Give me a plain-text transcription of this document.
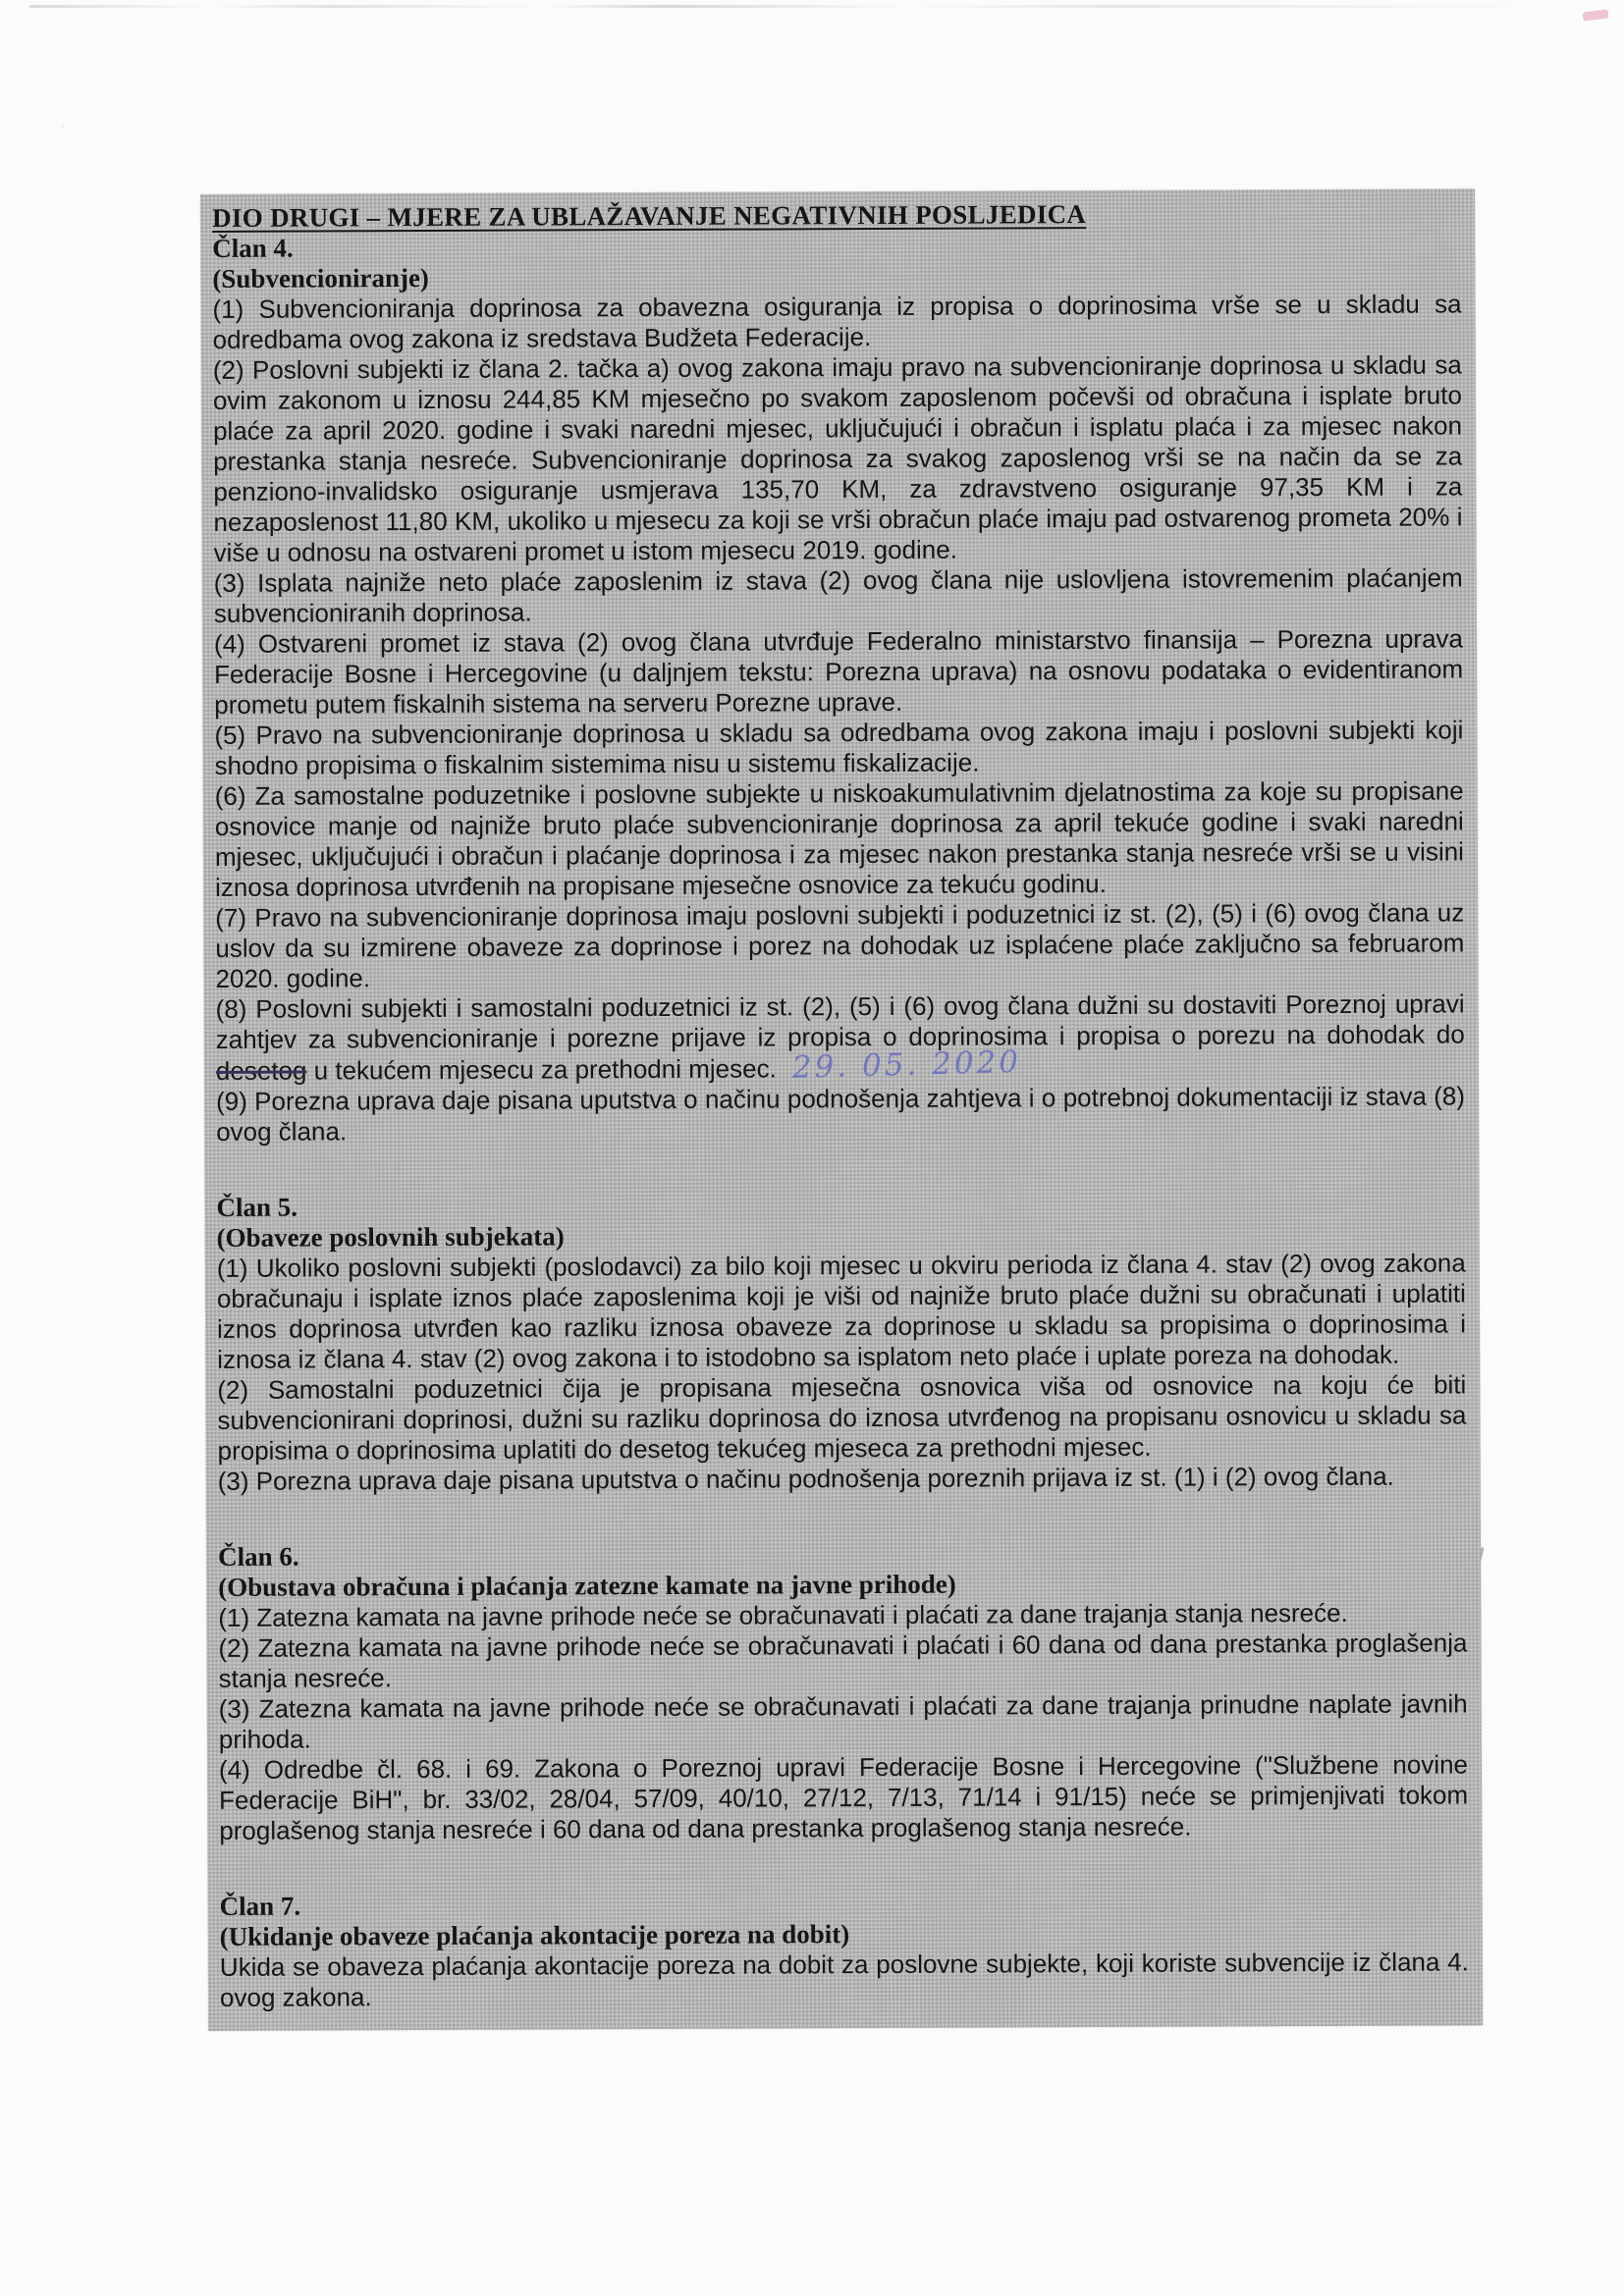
·

DIO DRUGI – MJERE ZA UBLAŽAVANJE NEGATIVNIH POSLJEDICA

Član 4.

(Subvencioniranje)

(1) Subvencioniranja doprinosa za obavezna osiguranja iz propisa o doprinosima vrše se u skladu sa odredbama ovog zakona iz sredstava Budžeta Federacije.

(2) Poslovni subjekti iz člana 2. tačka a) ovog zakona imaju pravo na subvencioniranje doprinosa u skladu sa ovim zakonom u iznosu 244,85 KM mjesečno po svakom zaposlenom počevši od obračuna i isplate bruto plaće za april 2020. godine i svaki naredni mjesec, uključujući i obračun i isplatu plaća i za mjesec nakon prestanka stanja nesreće. Subvencioniranje doprinosa za svakog zaposlenog vrši se na način da se za penziono-invalidsko osiguranje usmjerava 135,70 KM, za zdravstveno osiguranje 97,35 KM i za nezaposlenost 11,80 KM, ukoliko u mjesecu za koji se vrši obračun plaće imaju pad ostvarenog prometa 20% i više u odnosu na ostvareni promet u istom mjesecu 2019. godine.

(3) Isplata najniže neto plaće zaposlenim iz stava (2) ovog člana nije uslovljena istovremenim plaćanjem subvencioniranih doprinosa.

(4) Ostvareni promet iz stava (2) ovog člana utvrđuje Federalno ministarstvo finansija – Porezna uprava Federacije Bosne i Hercegovine (u daljnjem tekstu: Porezna uprava) na osnovu podataka o evidentiranom prometu putem fiskalnih sistema na serveru Porezne uprave.

(5) Pravo na subvencioniranje doprinosa u skladu sa odredbama ovog zakona imaju i poslovni subjekti koji shodno propisima o fiskalnim sistemima nisu u sistemu fiskalizacije.

(6) Za samostalne poduzetnike i poslovne subjekte u niskoakumulativnim djelatnostima za koje su propisane osnovice manje od najniže bruto plaće subvencioniranje doprinosa za april tekuće godine i svaki naredni mjesec, uključujući i obračun i plaćanje doprinosa i za mjesec nakon prestanka stanja nesreće vrši se u visini iznosa doprinosa utvrđenih na propisane mjesečne osnovice za tekuću godinu.

(7) Pravo na subvencioniranje doprinosa imaju poslovni subjekti i poduzetnici iz st. (2), (5) i (6) ovog člana uz uslov da su izmirene obaveze za doprinose i porez na dohodak uz isplaćene plaće zaključno sa februarom 2020. godine.

(8) Poslovni subjekti i samostalni poduzetnici iz st. (2), (5) i (6) ovog člana dužni su dostaviti Poreznoj upravi zahtjev za subvencioniranje i porezne prijave iz propisa o doprinosima i propisa o porezu na dohodak do desetog u tekućem mjesecu za prethodni mjesec. 29. 05. 2020

(9) Porezna uprava daje pisana uputstva o načinu podnošenja zahtjeva i o potrebnoj dokumentaciji iz stava (8) ovog člana.

Član 5.

(Obaveze poslovnih subjekata)

(1) Ukoliko poslovni subjekti (poslodavci) za bilo koji mjesec u okviru perioda iz člana 4. stav (2) ovog zakona obračunaju i isplate iznos plaće zaposlenima koji je viši od najniže bruto plaće dužni su obračunati i uplatiti iznos doprinosa utvrđen kao razliku iznosa obaveze za doprinose u skladu sa propisima o doprinosima i iznosa iz člana 4. stav (2) ovog zakona i to istodobno sa isplatom neto plaće i uplate poreza na dohodak.

(2) Samostalni poduzetnici čija je propisana mjesečna osnovica viša od osnovice na koju će biti subvencionirani doprinosi, dužni su razliku doprinosa do iznosa utvrđenog na propisanu osnovicu u skladu sa propisima o doprinosima uplatiti do desetog tekućeg mjeseca za prethodni mjesec.

(3) Porezna uprava daje pisana uputstva o načinu podnošenja poreznih prijava iz st. (1) i (2) ovog člana.

Član 6.

(Obustava obračuna i plaćanja zatezne kamate na javne prihode)

(1) Zatezna kamata na javne prihode neće se obračunavati i plaćati za dane trajanja stanja nesreće.

(2) Zatezna kamata na javne prihode neće se obračunavati i plaćati i 60 dana od dana prestanka proglašenja stanja nesreće.

(3) Zatezna kamata na javne prihode neće se obračunavati i plaćati za dane trajanja prinudne naplate javnih prihoda.

(4) Odredbe čl. 68. i 69. Zakona o Poreznoj upravi Federacije Bosne i Hercegovine ("Službene novine Federacije BiH", br. 33/02, 28/04, 57/09, 40/10, 27/12, 7/13, 71/14 i 91/15) neće se primjenjivati tokom proglašenog stanja nesreće i 60 dana od dana prestanka proglašenog stanja nesreće.

Član 7.

(Ukidanje obaveze plaćanja akontacije poreza na dobit)

Ukida se obaveza plaćanja akontacije poreza na dobit za poslovne subjekte, koji koriste subvencije iz člana 4. ovog zakona.
